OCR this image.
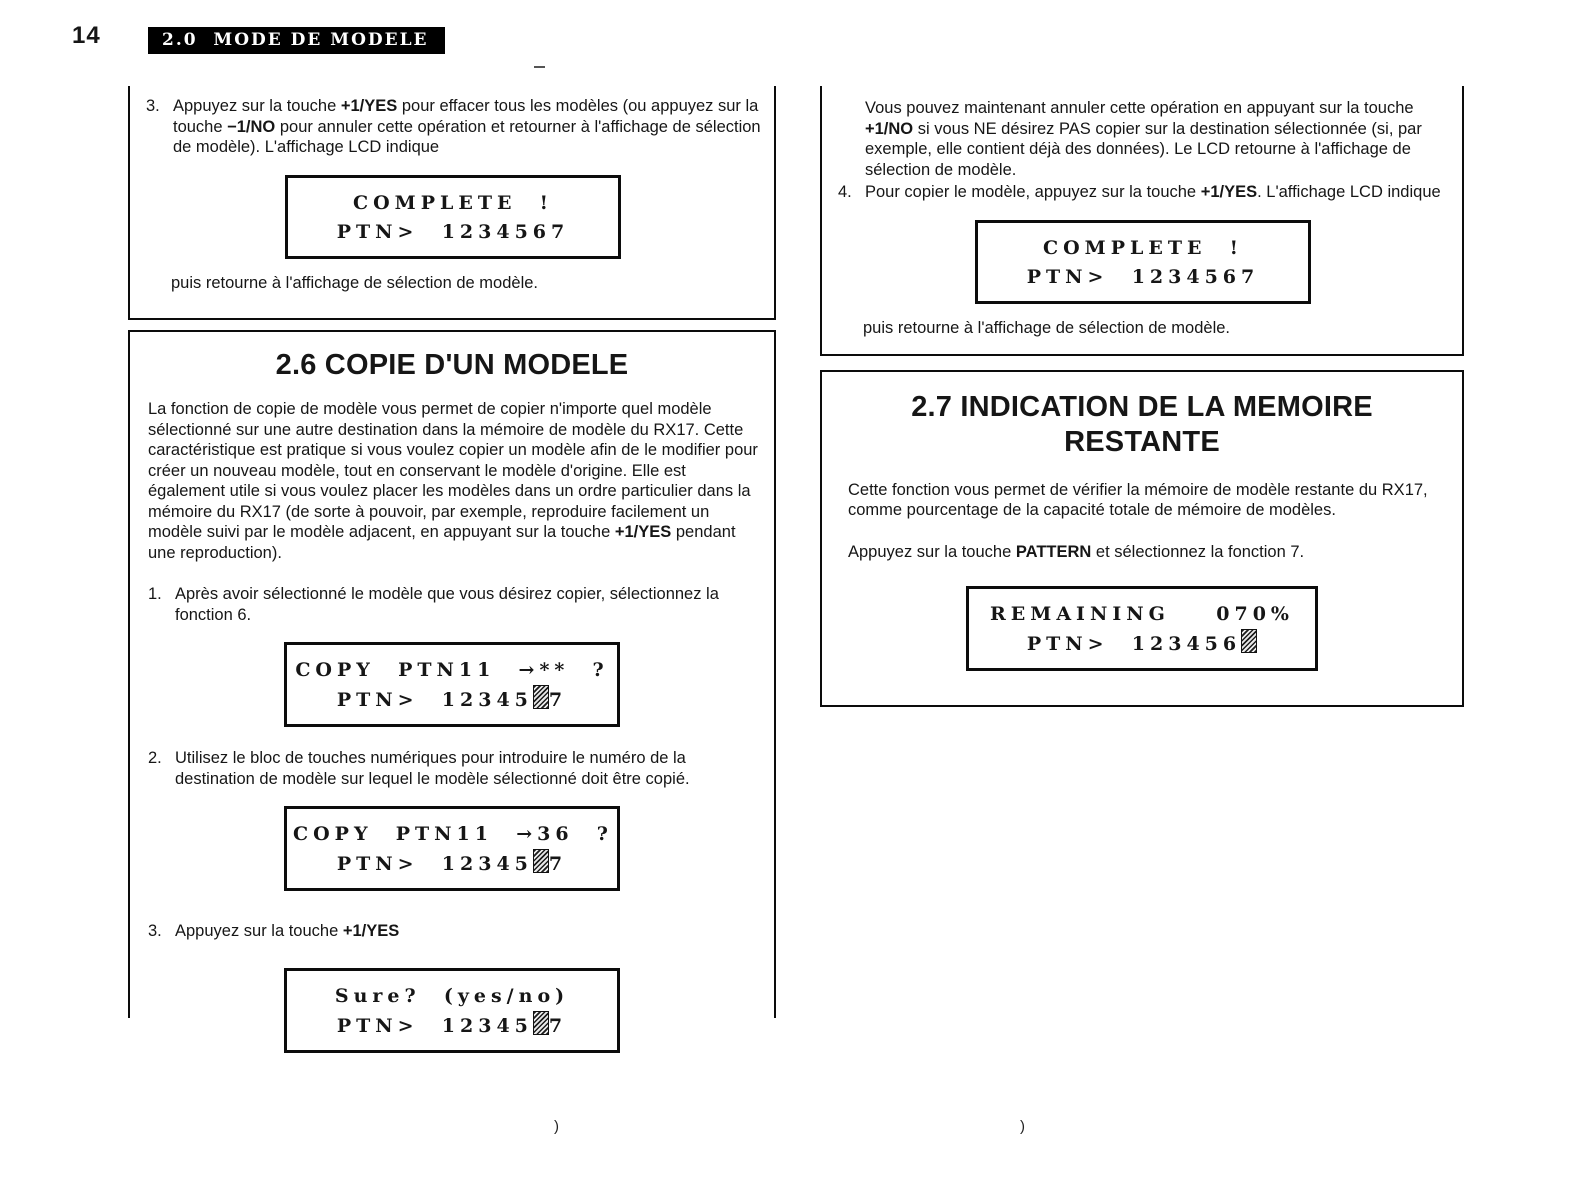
14	2.0  MODE DE MODELE
3. Appuyez sur la touche +1/YES pour effacer tous les modèles (ou appuyez sur la touche −1/NO pour annuler cette opération et retourner à l'affichage de sélection de modèle). L'affichage LCD indique

COMPLETE  !
PTN>  1234567

puis retourne à l'affichage de sélection de modèle.

2.6 COPIE D'UN MODELE

La fonction de copie de modèle vous permet de copier n'importe quel modèle sélectionné sur une autre destination dans la mémoire de modèle du RX17. Cette caractéristique est pratique si vous voulez copier un modèle afin de le modifier pour créer un nouveau modèle, tout en conservant le modèle d'origine. Elle est également utile si vous voulez placer les modèles dans un ordre particulier dans la mémoire du RX17 (de sorte à pouvoir, par exemple, reproduire facilement un modèle suivi par le modèle adjacent, en appuyant sur la touche +1/YES pendant une reproduction).

1. Après avoir sélectionné le modèle que vous désirez copier, sélectionnez la fonction 6.

COPY  PTN11  →**  ?
PTN>  12345 7
2. Utilisez le bloc de touches numériques pour introduire le numéro de la destination de modèle sur lequel le modèle sélectionné doit être copié.

COPY  PTN11  →36  ?
PTN>  12345 7
3. Appuyez sur la touche +1/YES

Sure?  (yes/no)
PTN>  12345 7

Vous pouvez maintenant annuler cette opération en appuyant sur la touche +1/NO si vous NE désirez PAS copier sur la destination sélectionnée (si, par exemple, elle contient déjà des données). Le LCD retourne à l'affichage de sélection de modèle.

4. Pour copier le modèle, appuyez sur la touche +1/YES. L'affichage LCD indique

COMPLETE  !
PTN>  1234567

puis retourne à l'affichage de sélection de modèle.

2.7 INDICATION DE LA MEMOIRE RESTANTE

Cette fonction vous permet de vérifier la mémoire de modèle restante du RX17, comme pourcentage de la capacité totale de mémoire de modèles.

Appuyez sur la touche PATTERN et sélectionnez la fonction 7.

REMAINING    070%
PTN>  123456
)	)
